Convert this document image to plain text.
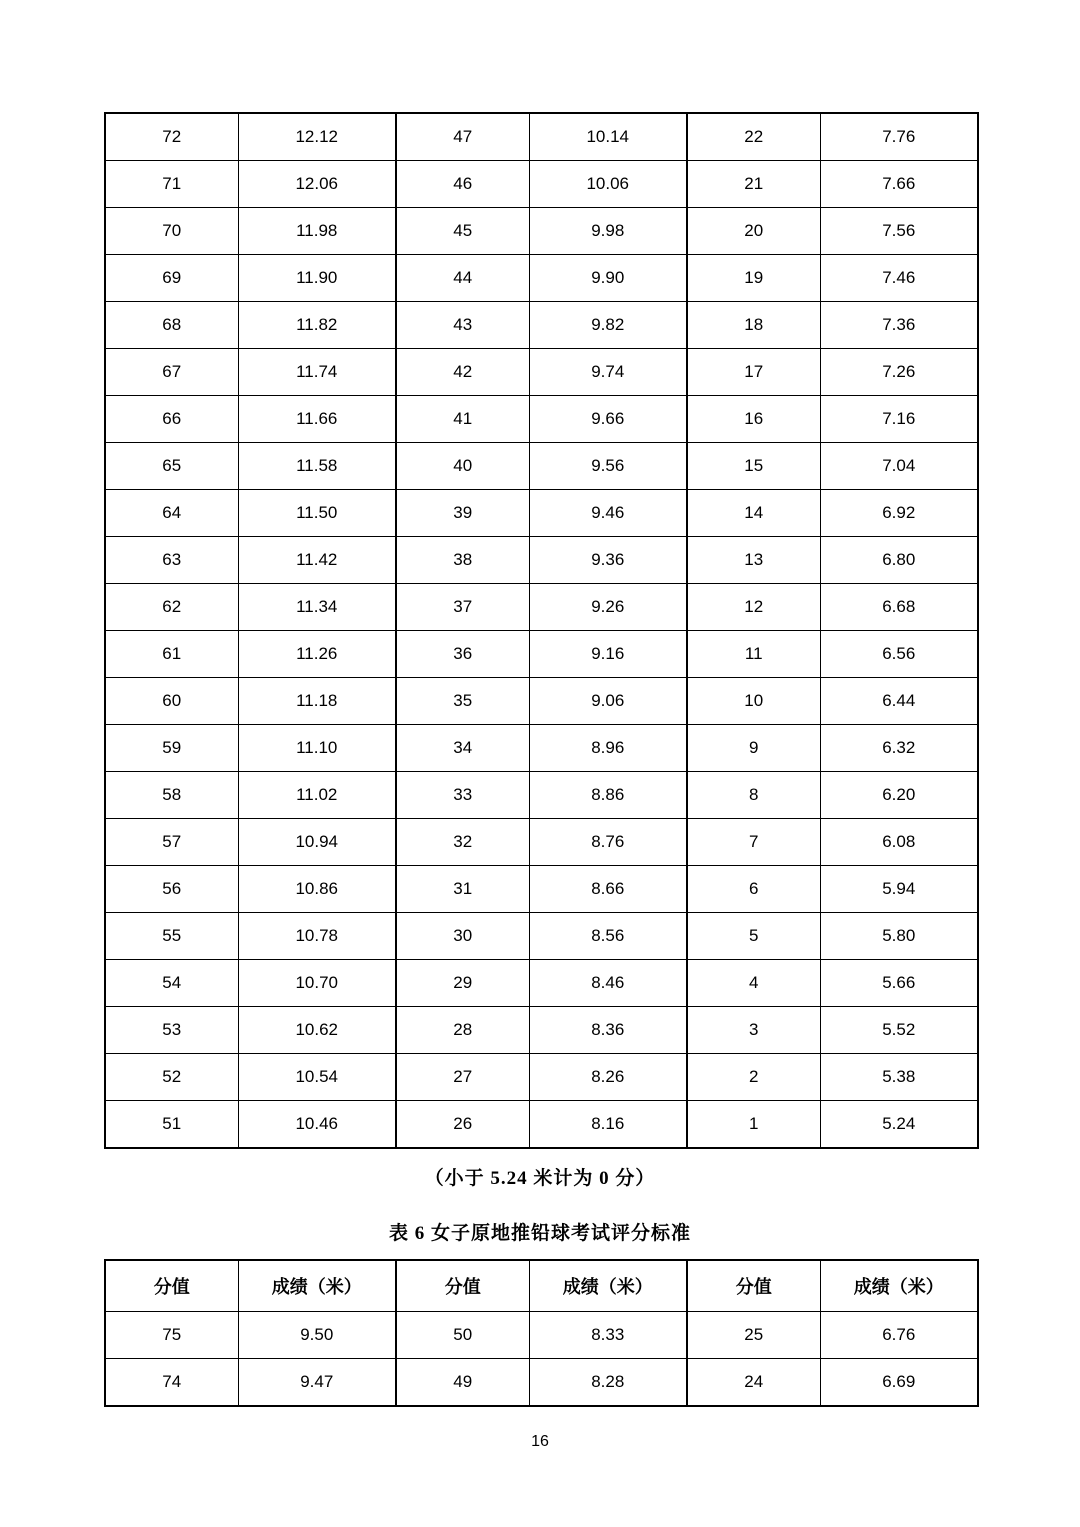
72	12.12	47	10.14	22	7.76
71	12.06	46	10.06	21	7.66
70	11.98	45	9.98	20	7.56
69	11.90	44	9.90	19	7.46
68	11.82	43	9.82	18	7.36
67	11.74	42	9.74	17	7.26
66	11.66	41	9.66	16	7.16
65	11.58	40	9.56	15	7.04
64	11.50	39	9.46	14	6.92
63	11.42	38	9.36	13	6.80
62	11.34	37	9.26	12	6.68
61	11.26	36	9.16	11	6.56
60	11.18	35	9.06	10	6.44
59	11.10	34	8.96	9	6.32
58	11.02	33	8.86	8	6.20
57	10.94	32	8.76	7	6.08
56	10.86	31	8.66	6	5.94
55	10.78	30	8.56	5	5.80
54	10.70	29	8.46	4	5.66
53	10.62	28	8.36	3	5.52
52	10.54	27	8.26	2	5.38
51	10.46	26	8.16	1	5.24

（小于 5.24 米计为 0 分）

表 6 女子原地推铅球考试评分标准

分值	成绩（米）	分值	成绩（米）	分值	成绩（米）
75	9.50	50	8.33	25	6.76
74	9.47	49	8.28	24	6.69
16
